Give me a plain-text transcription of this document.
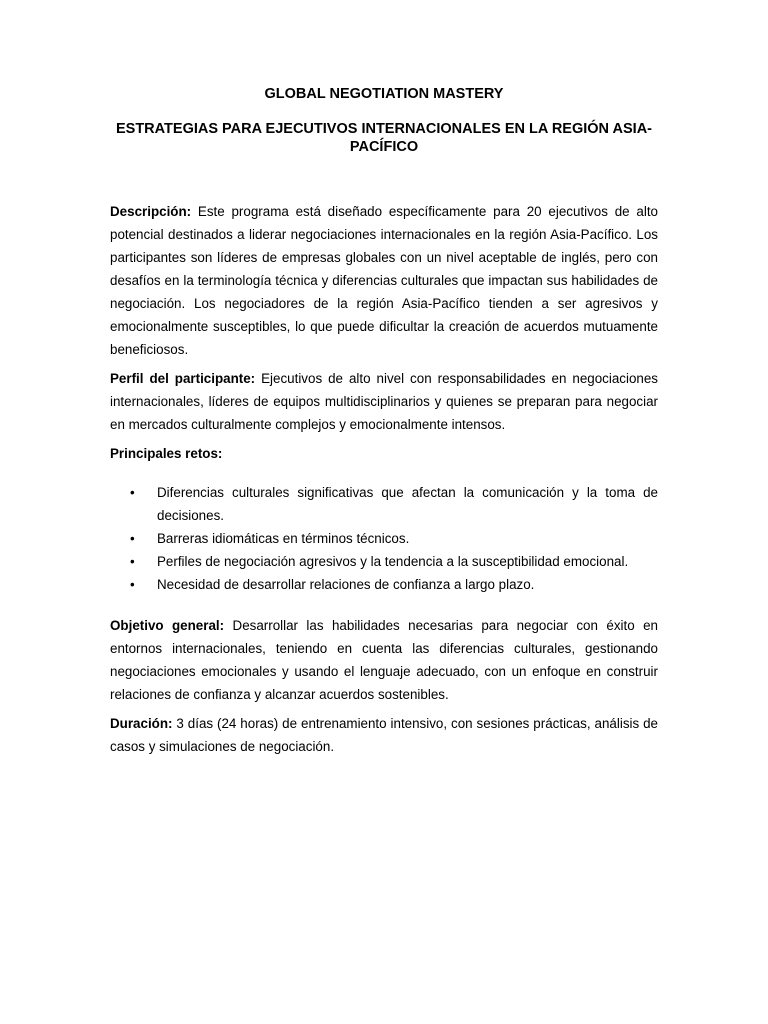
GLOBAL NEGOTIATION MASTERY
ESTRATEGIAS PARA EJECUTIVOS INTERNACIONALES EN LA REGIÓN ASIA-PACÍFICO

Descripción: Este programa está diseñado específicamente para 20 ejecutivos de alto potencial destinados a liderar negociaciones internacionales en la región Asia-Pacífico. Los participantes son líderes de empresas globales con un nivel aceptable de inglés, pero con desafíos en la terminología técnica y diferencias culturales que impactan sus habilidades de negociación. Los negociadores de la región Asia-Pacífico tienden a ser agresivos y emocionalmente susceptibles, lo que puede dificultar la creación de acuerdos mutuamente beneficiosos.

Perfil del participante: Ejecutivos de alto nivel con responsabilidades en negociaciones internacionales, líderes de equipos multidisciplinarios y quienes se preparan para negociar en mercados culturalmente complejos y emocionalmente intensos.

Principales retos:

• Diferencias culturales significativas que afectan la comunicación y la toma de decisiones.
• Barreras idiomáticas en términos técnicos.
• Perfiles de negociación agresivos y la tendencia a la susceptibilidad emocional.
• Necesidad de desarrollar relaciones de confianza a largo plazo.

Objetivo general: Desarrollar las habilidades necesarias para negociar con éxito en entornos internacionales, teniendo en cuenta las diferencias culturales, gestionando negociaciones emocionales y usando el lenguaje adecuado, con un enfoque en construir relaciones de confianza y alcanzar acuerdos sostenibles.

Duración: 3 días (24 horas) de entrenamiento intensivo, con sesiones prácticas, análisis de casos y simulaciones de negociación.
